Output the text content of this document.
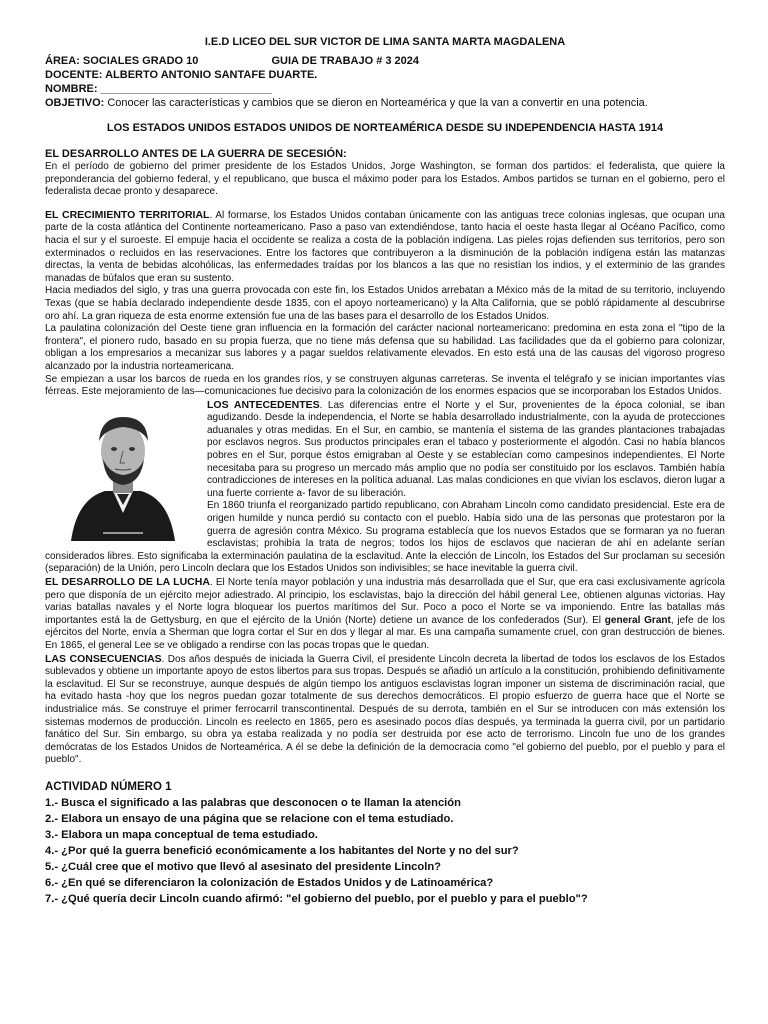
I.E.D LICEO DEL SUR VICTOR DE LIMA SANTA MARTA MAGDALENA
ÁREA: SOCIALES GRADO 10	GUIA DE TRABAJO # 3 2024
DOCENTE: ALBERTO ANTONIO SANTAFE DUARTE.
NOMBRE: ____________________________
OBJETIVO: Conocer las características y cambios que se dieron en Norteamérica y que la van a convertir en una potencia.
LOS ESTADOS UNIDOS ESTADOS UNIDOS DE NORTEAMÉRICA DESDE SU INDEPENDENCIA HASTA 1914
EL DESARROLLO ANTES DE LA GUERRA DE SECESIÓN:

En el período de gobierno del primer presidente de los Estados Unidos, Jorge Washington, se forman dos partidos: el federalista, que quiere la preponderancia del gobierno federal, y el republicano, que busca el máximo poder para los Estados. Ambos partidos se turnan en el gobierno, pero el federalista decae pronto y desaparece.

EL CRECIMIENTO TERRITORIAL. Al formarse, los Estados Unidos contaban únicamente con las antiguas trece colonias inglesas, que ocupan una parte de la costa atlántica del Continente norteamericano. Paso a paso van extendiéndose, tanto hacia el oeste hasta llegar al Océano Pacífico, como hacia el sur y el suroeste. El empuje hacia el occidente se realiza a costa de la población indígena. Las pieles rojas defienden sus territorios, pero son exterminados o recluidos en las reservaciones. Entre los factores que contribuyeron a la disminución de la población indígena están las matanzas directas, la venta de bebidas alcohólicas, las enfermedades traídas por los blancos a las que no resistían los indios, y el exterminio de las grandes manadas de búfalos que eran su sustento.

Hacia mediados del siglo, y tras una guerra provocada con este fin, los Estados Unidos arrebatan a México más de la mitad de su territorio, incluyendo Texas (que se había declarado independiente desde 1835, con el apoyo norteamericano) y la Alta California, que se pobló rápidamente al descubrirse oro ahí. La gran riqueza de esta enorme extensión fue una de las bases para el desarrollo de los Estados Unidos.

La paulatina colonización del Oeste tiene gran influencia en la formación del carácter nacional norteamericano: predomina en esta zona el "tipo de la frontera", el pionero rudo, basado en su propia fuerza, que no tiene más defensa que su habilidad. Las facilidades que da el gobierno para colonizar, obligan a los empresarios a mecanizar sus labores y a pagar sueldos relativamente elevados. En esto está una de las causas del vigoroso progreso alcanzado por la industria norteamericana.

Se empiezan a usar los barcos de rueda en los grandes ríos, y se construyen algunas carreteras. Se inventa el telégrafo y se inician importantes vías férreas. Este mejoramiento de las—comunicaciones fue decisivo para la colonización de los enormes espacios que se incorporaban los Estados Unidos.

LOS ANTECEDENTES. Las diferencias entre el Norte y el Sur, provenientes de la época colonial, se iban agudizando. Desde la independencia, el Norte se había desarrollado industrialmente, con la ayuda de protecciones aduanales y otras medidas. En el Sur, en cambio, se mantenía el sistema de las grandes plantaciones trabajadas por esclavos negros. Sus productos principales eran el tabaco y posteriormente el algodón. Casi no había blancos pobres en el Sur, porque éstos emigraban al Oeste y se establecían como campesinos independientes. El Norte necesitaba para su progreso un mercado más amplio que no podía ser constituido por los esclavos. También había contradicciones de intereses en la política aduanal. Las malas condiciones en que vivían los esclavos, dieron lugar a una fuerte corriente a- favor de su liberación.

En 1860 triunfa el reorganizado partido republicano, con Abraham Lincoln como candidato presidencial. Este era de origen humilde y nunca perdió su contacto con el pueblo. Había sido una de las personas que protestaron por la guerra de agresión contra México. Su programa establecía que los nuevos Estados que se formaran ya no fueran esclavistas; prohibía la trata de negros; todos los hijos de esclavos que nacieran de ahí en adelante serían considerados libres. Esto significaba la exterminación paulatina de la esclavitud. Ante la elección de Lincoln, los Estados del Sur proclaman su secesión (separación) de la Unión, pero Lincoln declara que los Estados Unidos son indivisibles; se hace inevitable la guerra civil.

EL DESARROLLO DE LA LUCHA. El Norte tenía mayor población y una industria más desarrollada que el Sur, que era casi exclusivamente agrícola pero que disponía de un ejército mejor adiestrado. Al principio, los esclavistas, bajo la dirección del hábil general Lee, obtienen algunas victorias. Hay varias batallas navales y el Norte logra bloquear los puertos marítimos del Sur. Poco a poco el Norte se va imponiendo. Entre las batallas más importantes está la de Gettysburg, en que el ejército de la Unión (Norte) detiene un avance de los confederados (Sur). El general Grant, jefe de los ejércitos del Norte, envía a Sherman que logra cortar el Sur en dos y llegar al mar. Es una campaña sumamente cruel, con gran destrucción de bienes. En 1865, el general Lee se ve obligado a rendirse con las pocas tropas que le quedan.

LAS CONSECUENCIAS. Dos años después de iniciada la Guerra Civil, el presidente Lincoln decreta la libertad de todos los esclavos de los Estados sublevados y obtiene un importante apoyo de estos libertos para sus tropas. Después se añadió un artículo a la constitución, prohibiendo definitivamente la esclavitud. El Sur se reconstruye, aunque después de algún tiempo los antiguos esclavistas logran imponer un sistema de discriminación racial, que ha evitado hasta -hoy que los negros puedan gozar totalmente de sus derechos democráticos. El propio esfuerzo de guerra hace que el Norte se industrialice más. Se construye el primer ferrocarril transcontinental. Después de su derrota, también en el Sur se introducen con más extensión los sistemas modernos de producción. Lincoln es reelecto en 1865, pero es asesinado pocos días después, ya terminada la guerra civil, por un partidario fanático del Sur. Sin embargo, su obra ya estaba realizada y no podía ser destruida por ese acto de terrorismo. Lincoln fue uno de los grandes demócratas de los Estados Unidos de Norteamérica. A él se debe la definición de la democracia como "el gobierno del pueblo, por el pueblo y para el pueblo".

ACTIVIDAD NÚMERO 1
1.- Busca el significado a las palabras que desconocen o te llaman la atención
2.- Elabora un ensayo de una página que se relacione con el tema estudiado.
3.- Elabora un mapa conceptual de tema estudiado.
4.- ¿Por qué la guerra benefició económicamente a los habitantes del Norte y no del sur?
5.- ¿Cuál cree que el motivo que llevó al asesinato del presidente Lincoln?
6.- ¿En qué se diferenciaron la colonización de Estados Unidos y de Latinoamérica?
7.- ¿Qué quería decir Lincoln cuando afirmó: "el gobierno del pueblo, por el pueblo y para el pueblo"?
